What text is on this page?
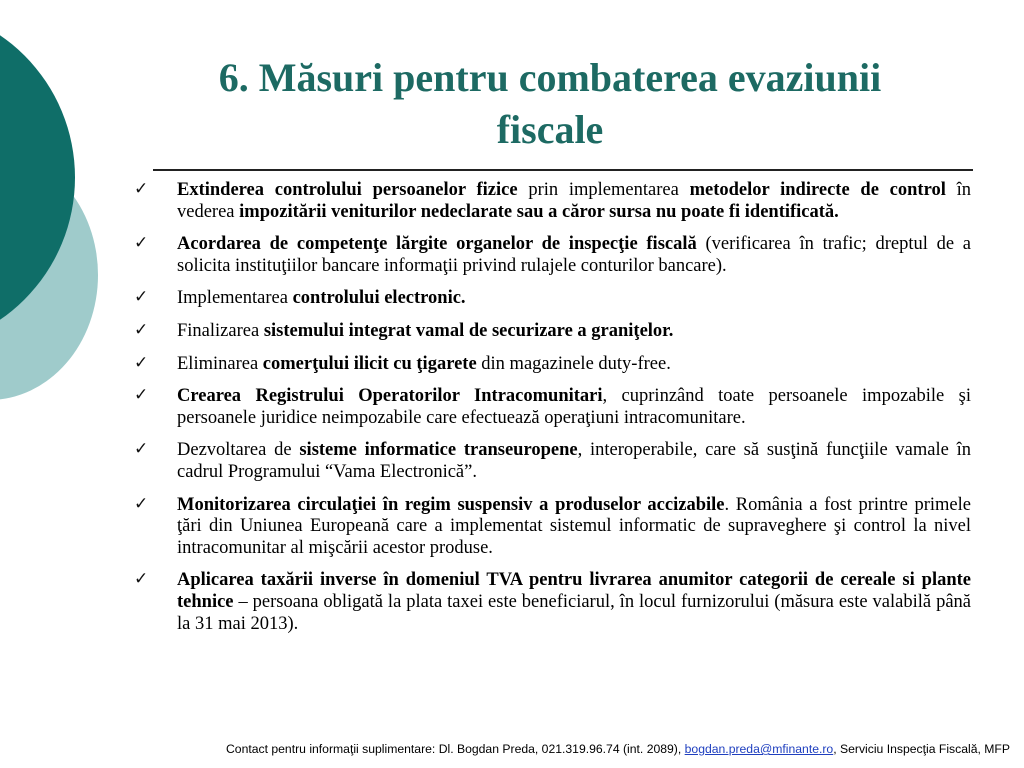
6. Măsuri pentru combaterea evaziunii
fiscale
✓ Extinderea controlului persoanelor fizice prin implementarea metodelor indirecte de control în vederea impozitării veniturilor nedeclarate sau a căror sursa nu poate fi identificată.
✓ Acordarea de competenţe lărgite organelor de inspecţie fiscală (verificarea în trafic; dreptul de a solicita instituţiilor bancare informaţii privind rulajele conturilor bancare).
✓ Implementarea controlului electronic.
✓ Finalizarea sistemului integrat vamal de securizare a graniţelor.
✓ Eliminarea comerţului ilicit cu ţigarete din magazinele duty-free.
✓ Crearea Registrului Operatorilor Intracomunitari, cuprinzând toate persoanele impozabile şi persoanele juridice neimpozabile care efectuează operaţiuni intracomunitare.
✓ Dezvoltarea de sisteme informatice transeuropene, interoperabile, care să susţină funcţiile vamale în cadrul Programului “Vama Electronică”.
✓ Monitorizarea circulaţiei în regim suspensiv a produselor accizabile. România a fost printre primele ţări din Uniunea Europeană care a implementat sistemul informatic de supraveghere şi control la nivel intracomunitar al mişcării acestor produse.
✓ Aplicarea taxării inverse în domeniul TVA pentru livrarea anumitor categorii de cereale si plante tehnice – persoana obligată la plata taxei este beneficiarul, în locul furnizorului (măsura este valabilă până la 31 mai 2013).
Contact pentru informaţii suplimentare: Dl. Bogdan Preda, 021.319.96.74 (int. 2089), bogdan.preda@mfinante.ro, Serviciu Inspecţia Fiscală, MFP
